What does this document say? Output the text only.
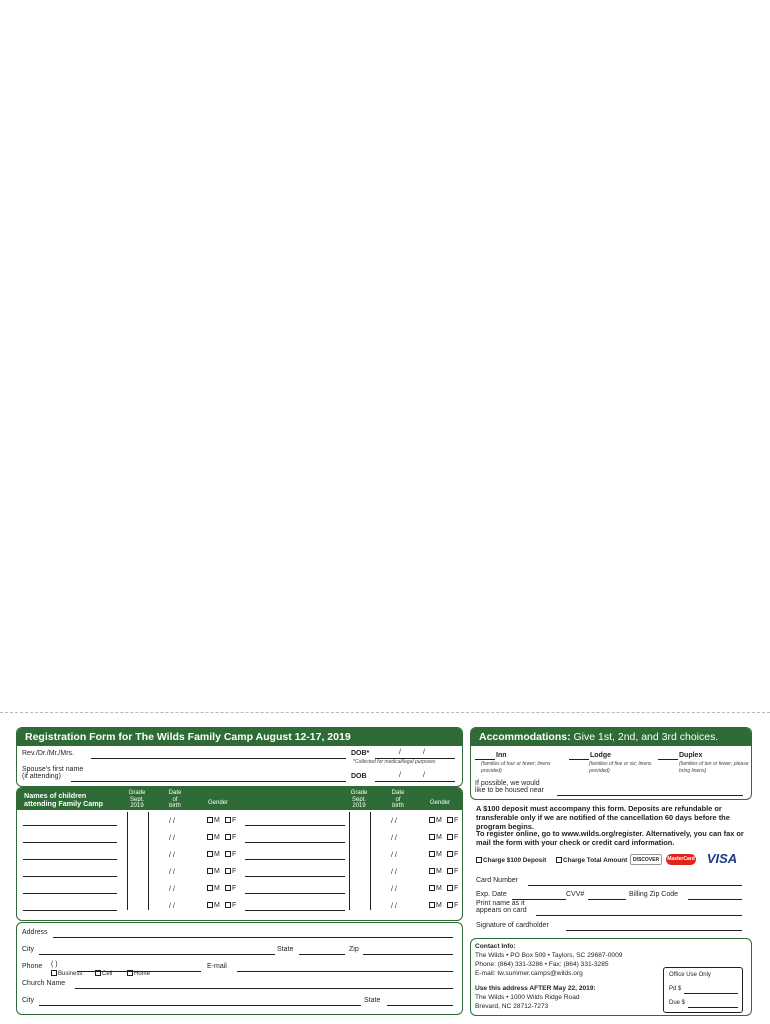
Registration Form for The Wilds Family Camp August 12-17, 2019
Rev./Dr./Mr./Mrs.	DOB*	/	/
*Collected for medical/legal purposes
Spouse's first name
(if attending)	DOB	/	/
Names of children
attending Family Camp
Grade
Sept.
2019
Date
of
birth	Gender
Grade
Sept.
2019
Date
of
birth	Gender
/ /	M	F	/ /	M	F
/ /	M	F	/ /	M	F
/ /	M	F	/ /	M	F
/ /	M	F	/ /	M	F
/ /	M	F	/ /	M	F
/ /	M	F	/ /	M	F
Address
City	State	Zip
Phone ( )	E-mail
Business	Cell	Home
Church Name
City	State
Accommodations: Give 1st, 2nd, and 3rd choices.
Inn
(families of four or fewer; linens provided)
Lodge
(families of five or six; linens provided)
Duplex
(families of ten or fewer; please bring linens)
If possible, we would
like to be housed near
A $100 deposit must accompany this form. Deposits are refundable or transferable only if we are notified of the cancellation 60 days before the program begins.
To register online, go to www.wilds.org/register. Alternatively, you can fax or mail the form with your check or credit card information.
Charge $100 Deposit	Charge Total Amount	DISCOVER	MasterCard VISA
Card Number
Exp. Date	CVV#	Billing Zip Code
Print name as it
appears on card
Signature of cardholder
Contact Info:
The Wilds • PO Box 509 • Taylors, SC 29687-0009
Phone: (864) 331-3286 • Fax: (864) 331-3285
E-mail: tw.summer.camps@wilds.org
Use this address AFTER May 22, 2019:
The Wilds • 1000 Wilds Ridge Road
Brevard, NC 28712-7273
Office Use Only
Pd $
Due $
